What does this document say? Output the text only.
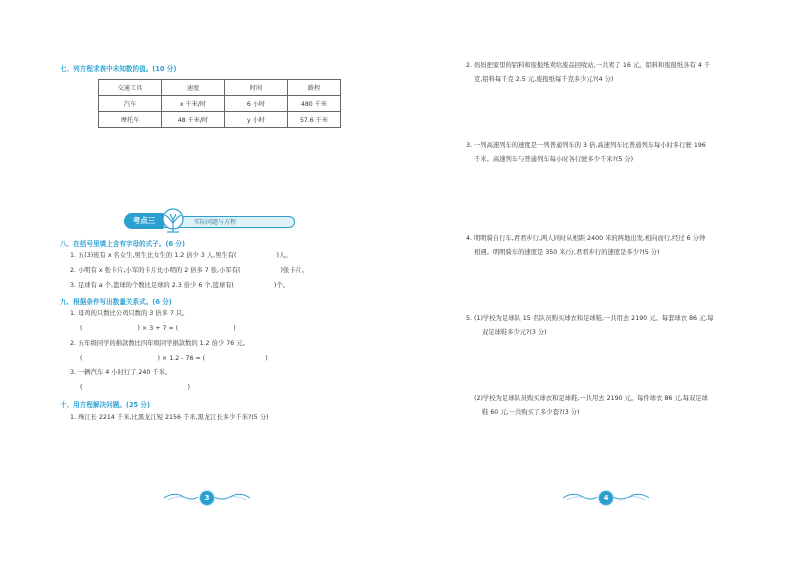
七、列方程求表中未知数的值。(10 分)
交通工具	速度	时间	路程
汽车	x 千米/时	6 小时	480 千米
摩托车	48 千米/时	y 小时	57.6 千米
考点三	实际问题与方程
八、在括号里填上含有字母的式子。(6 分)
1. 五(3)班有 x 名女生,男生比女生的 1.2 倍少 3 人,男生有(	)人。
2. 小明有 x 张卡片,小军的卡片比小明的 2 倍多 7 张,小军有(	)张卡片。
3. 足球有 a 个,篮球的个数比足球的 2.3 倍少 6 个,篮球有(	)个。
九、根据条件写出数量关系式。(6 分)
1. 母鸡的只数比公鸡只数的 3 倍多 7 只。
(	) × 3 + 7 = (	)
2. 五年级同学的捐款数比四年级同学捐款数的 1.2 倍少 76 元。
(	) × 1.2 - 76 = (	)
3. 一辆汽车 4 小时行了 240 千米。
(	)
十、用方程解决问题。(25 分)
1. 珠江长 2214 千米,比黑龙江短 2156 千米,黑龙江长多少千米?(5 分)
3
2. 妈妈把家里的铝料和废报纸卖给废品回收站,一共卖了 16 元。铝料和废报纸各有 4 千
克,铝料每千克 2.5 元,废报纸每千克多少元?(4 分)
3. 一列高速列车的速度是一列普通列车的 3 倍,高速列车比普通列车每小时多行驶 196
千米。高速列车与普通列车每小时各行驶多少千米?(5 分)
4. 明明骑自行车,君君步行,两人同时从相距 2400 米的两地出发,相向而行,经过 6 分钟
相遇。明明骑车的速度是 350 米/分,君君步行的速度是多少?(5 分)
5. (1)学校为足球队 15 名队员购买球衣和足球鞋,一共用去 2190 元。每套球衣 86 元,每
双足球鞋多少元?(3 分)
(2)学校为足球队员购买球衣和足球鞋,一共用去 2190 元。每件球衣 86 元,每双足球
鞋 60 元,一共购买了多少套?(3 分)
4
